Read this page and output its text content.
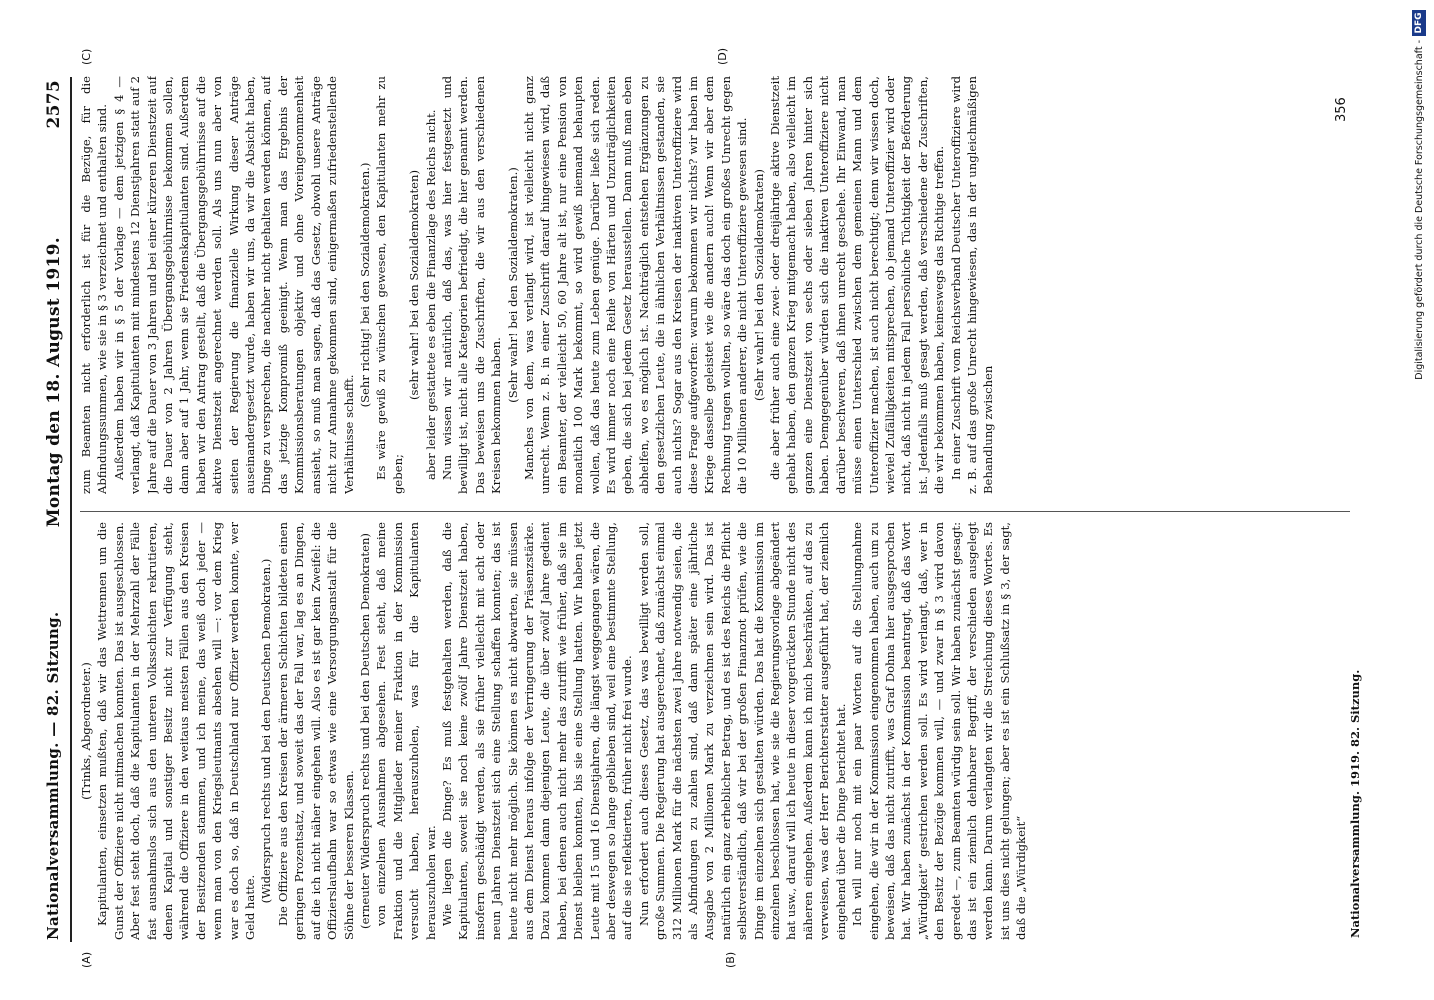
Nationalversammlung. — 82. Sitzung.
Montag den 18. August 1919.
2575
(A)	(B)
(C)	(D)

(Trinks, Abgeordneter.) Kapitulanten, einsetzen mußten, daß wir das Wettrennen um die Gunst der Offiziere nicht mitmachen konnten. Das ist ausgeschlossen. Aber fest steht doch, daß die Kapitulanten in der Mehrzahl der Fälle fast ausnahmslos sich aus den unteren Volksschichten rekrutieren, denen Kapital und sonstiger Besitz nicht zur Verfügung steht, während die Offiziere in den weitaus meisten Fällen aus den Kreisen der Besitzenden stammen, und ich meine, das weiß doch jeder — wenn man von den Kriegsleutnants absehen will —: vor dem Krieg war es doch so, daß in Deutschland nur Offizier werden konnte, wer Geld hatte.

(Widerspruch rechts und bei den Deutschen Demokraten.) Die Offiziere aus den Kreisen der ärmeren Schichten bildeten einen geringen Prozentsatz, und soweit das der Fall war, lag es an Dingen, auf die ich nicht näher eingehen will. Also es ist gar kein Zweifel: die Offizierslaufbahn war so etwas wie eine Versorgungsanstalt für die Söhne der besseren Klassen. (erneuter Widerspruch rechts und bei den Deutschen Demokraten) von einzelnen Ausnahmen abgesehen. Fest steht, daß meine Fraktion und die Mitglieder meiner Fraktion in der Kommission versucht haben, herauszuholen, was für die Kapitulanten herauszuholen war. Wie liegen die Dinge? Es muß festgehalten werden, daß die Kapitulanten, soweit sie noch keine zwölf Jahre Dienstzeit haben, insofern geschädigt werden, als sie früher vielleicht mit acht oder neun Jahren Dienstzeit sich eine Stellung schaffen konnten; das ist heute nicht mehr möglich. Sie können es nicht abwarten, sie müssen aus dem Dienst heraus infolge der Verringerung der Präsenzstärke. Dazu kommen dann diejenigen Leute, die über zwölf Jahre gedient haben, bei denen auch nicht mehr das zutrifft wie früher, daß sie im Dienst bleiben konnten, bis sie eine Stellung hatten. Wir haben jetzt Leute mit 15 und 16 Dienstjahren, die längst weggegangen wären, die aber deswegen so lange geblieben sind, weil eine bestimmte Stellung, auf die sie reflektierten, früher nicht frei wurde. Nun erfordert auch dieses Gesetz, das was bewilligt werden soll, große Summen. Die Regierung hat ausgerechnet, daß zunächst einmal 312 Millionen Mark für die nächsten zwei Jahre notwendig seien, die als Abfindungen zu zahlen sind, daß dann später eine jährliche Ausgabe von 2 Millionen Mark zu verzeichnen sein wird. Das ist natürlich ein ganz erheblicher Betrag, und es ist des Reichs die Pflicht selbstverständlich, daß wir bei der großen Finanznot prüfen, wie die Dinge im einzelnen sich gestalten würden. Das hat die Kommission im einzelnen beschlossen hat, wie sie die Regierungsvorlage abgeändert hat usw., darauf will ich heute in dieser vorgerückten Stunde nicht des näheren eingehen. Außerdem kann ich mich beschränken, auf das zu verweisen, was der Herr Berichterstatter ausgeführt hat, der ziemlich eingehend über die Dinge berichtet hat. Ich will nur noch mit ein paar Worten auf die Stellungnahme eingehen, die wir in der Kommission eingenommen haben, auch um zu beweisen, daß das nicht zutrifft, was Graf Dohna hier ausgesprochen hat. Wir haben zunächst in der Kommission beantragt, daß das Wort „Würdigkeit“ gestrichen werden soll. Es wird verlangt, daß, wer in den Besitz der Bezüge kommen will, — und zwar in § 3 wird davon geredet —, zum Beamten würdig sein soll. Wir haben zunächst gesagt: das ist ein ziemlich dehnbarer Begriff, der verschieden ausgelegt werden kann. Darum verlangten wir die Streichung dieses Wortes. Es ist uns dies nicht gelungen; aber es ist ein Schlußsatz in § 3, der sagt, daß die „Würdigkeit“

zum Beamten nicht erforderlich ist für die Bezüge, für die Abfindungssummen, wie sie in § 3 verzeichnet und enthalten sind. Außerdem haben wir in § 5 der Vorlage — dem jetzigen § 4 — verlangt, daß Kapitulanten mit mindestens 12 Dienstjahren statt auf 2 Jahre auf die Dauer von 3 Jahren und bei einer kürzeren Dienstzeit auf die Dauer von 2 Jahren Übergangsgebührnisse bekommen sollen, dann aber auf 1 Jahr, wenn sie Friedenskapitulanten sind. Außerdem haben wir den Antrag gestellt, daß die Übergangsgebührnisse auf die aktive Dienstzeit angerechnet werden soll. Als uns nun aber von seiten der Regierung die finanzielle Wirkung dieser Anträge auseinandergesetzt wurde, haben wir uns, da wir die Absicht haben, Dinge zu versprechen, die nachher nicht gehalten werden können, auf das jetzige Kompromiß geeinigt. Wenn man das Ergebnis der Kommissionsberatungen objektiv und ohne Voreingenommenheit ansieht, so muß man sagen, daß das Gesetz, obwohl unsere Anträge nicht zur Annahme gekommen sind, einigermaßen zufriedenstellende Verhältnisse schafft.

(Sehr richtig! bei den Sozialdemokraten.) Es wäre gewiß zu wünschen gewesen, den Kapitulanten mehr zu geben;

(sehr wahr! bei den Sozialdemokraten) aber leider gestattete es eben die Finanzlage des Reichs nicht. Nun wissen wir natürlich, daß das, was hier festgesetzt und bewilligt ist, nicht alle Kategorien befriedigt, die hier genannt werden. Das beweisen uns die Zuschriften, die wir aus den verschiedenen Kreisen bekommen haben.

(Sehr wahr! bei den Sozialdemokraten.) Manches von dem, was verlangt wird, ist vielleicht nicht ganz unrecht. Wenn z. B. in einer Zuschrift darauf hingewiesen wird, daß ein Beamter, der vielleicht 50, 60 Jahre alt ist, nur eine Pension von monatlich 100 Mark bekommt, so wird gewiß niemand behaupten wollen, daß das heute zum Leben genüge. Darüber ließe sich reden. Es wird immer noch eine Reihe von Härten und Unzuträglichkeiten geben, die sich bei jedem Gesetz herausstellen. Dann muß man eben abhelfen, wo es möglich ist. Nachträglich entstehen Ergänzungen zu den gesetzlichen Leute, die in ähnlichen Verhältnissen gestanden, sie auch nichts? Sogar aus den Kreisen der inaktiven Unteroffiziere wird diese Frage aufgeworfen: warum bekommen wir nichts? wir haben im Kriege dasselbe geleistet wie die andern auch! Wenn wir aber dem Rechnung tragen wollten, so wäre das doch ein großes Unrecht gegen die 10 Millionen anderer, die nicht Unteroffiziere gewesen sind. (Sehr wahr! bei den Sozialdemokraten) die aber früher auch eine zwei- oder dreijährige aktive Dienstzeit gehabt haben, den ganzen Krieg mitgemacht haben, also vielleicht im ganzen eine Dienstzeit von sechs oder sieben Jahren hinter sich haben. Demgegenüber würden sich die inaktiven Unteroffiziere nicht darüber beschweren, daß ihnen unrecht geschehe. Ihr Einwand, man müsse einen Unterschied zwischen dem gemeinen Mann und dem Unteroffizier machen, ist auch nicht berechtigt; denn wir wissen doch, wieviel Zufälligkeiten mitsprechen, ob jemand Unteroffizier wird oder nicht, daß nicht in jedem Fall persönliche Tüchtigkeit der Beförderung ist. Jedenfalls muß gesagt werden, daß verschiedene der Zuschriften, die wir bekommen haben, keineswegs das Richtige treffen. In einer Zuschrift vom Reichsverband Deutscher Unteroffiziere wird z. B. auf das große Unrecht hingewiesen, das in der ungleichmäßigen Behandlung zwischen

Nationalversammlung. 1919. 82. Sitzung.
356	Digitalisierung gefördert durch die Deutsche Forschungsgemeinschaft -
DFG
